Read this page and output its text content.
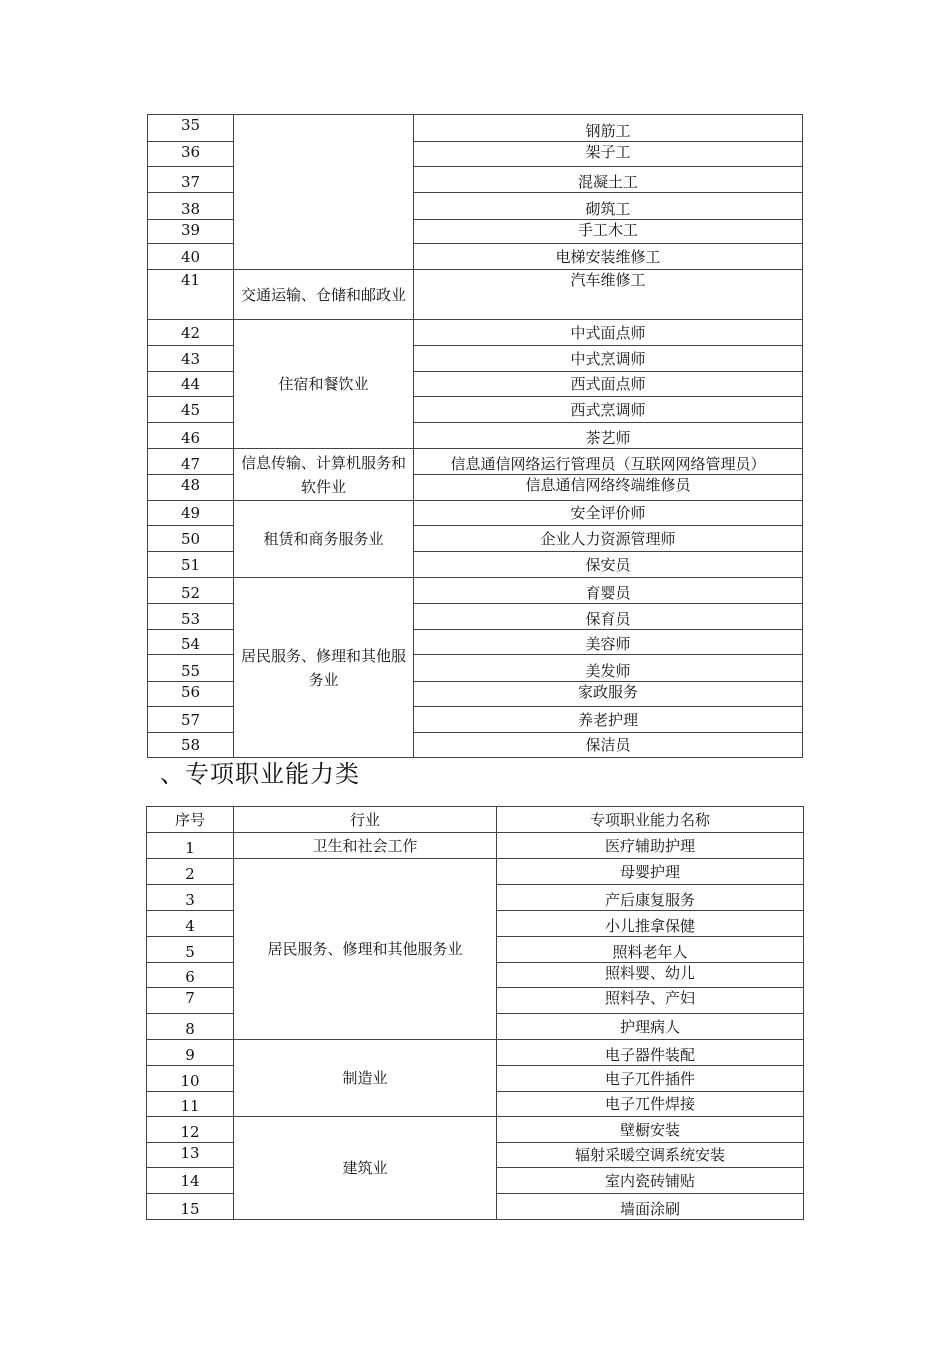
35		钢筋工
36		架子工
37		混凝土工
38		砌筑工
39		手工木工
40		电梯安装维修工
41	交通运输、仓储和邮政业	汽车维修工
42	住宿和餐饮业	中式面点师
43		中式烹调师
44		西式面点师
45		西式烹调师
46		茶艺师
47	信息传输、计算机服务和软件业	信息通信网络运行管理员（互联网网络管理员）
48		信息通信网络终端维修员
49	租赁和商务服务业	安全评价师
50		企业人力资源管理师
51		保安员
52	居民服务、修理和其他服务业	育婴员
53		保育员
54		美容师
55		美发师
56		家政服务
57		养老护理
58		保洁员
、专项职业能力类
序号	行业	专项职业能力名称
1	卫生和社会工作	医疗辅助护理
2	居民服务、修理和其他服务业	母婴护理
3		产后康复服务
4		小儿推拿保健
5		照料老年人
6		照料婴、幼儿
7		照料孕、产妇
8		护理病人
9	制造业	电子器件装配
10		电子兀件插件
11		电子兀件焊接
12	建筑业	壁橱安装
13		辐射采暖空调系统安装
14		室内瓷砖铺贴
15		墙面涂刷
